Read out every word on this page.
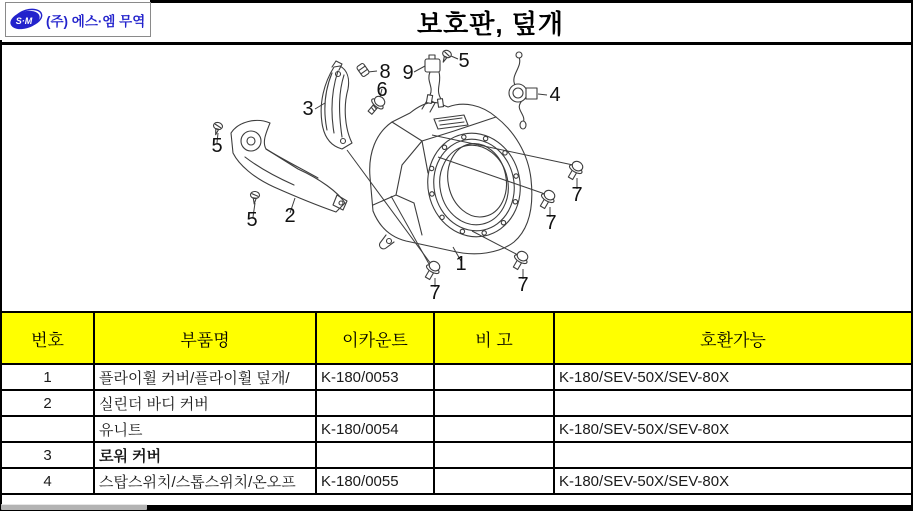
S·M (주) 에스·엠 무역	보호판, 덮개
8
6
9
5
4
3
5
5 2
1
7	7
7
7
번호	부품명	이카운트	비 고	호환가능
1	플라이휠 커버/플라이휠 덮개/	K-180/0053		K-180/SEV-50X/SEV-80X
2	실린더 바디 커버			
	유니트	K-180/0054		K-180/SEV-50X/SEV-80X
3	로워 커버			
4	스탑스위치/스톱스위치/온오프	K-180/0055		K-180/SEV-50X/SEV-80X
